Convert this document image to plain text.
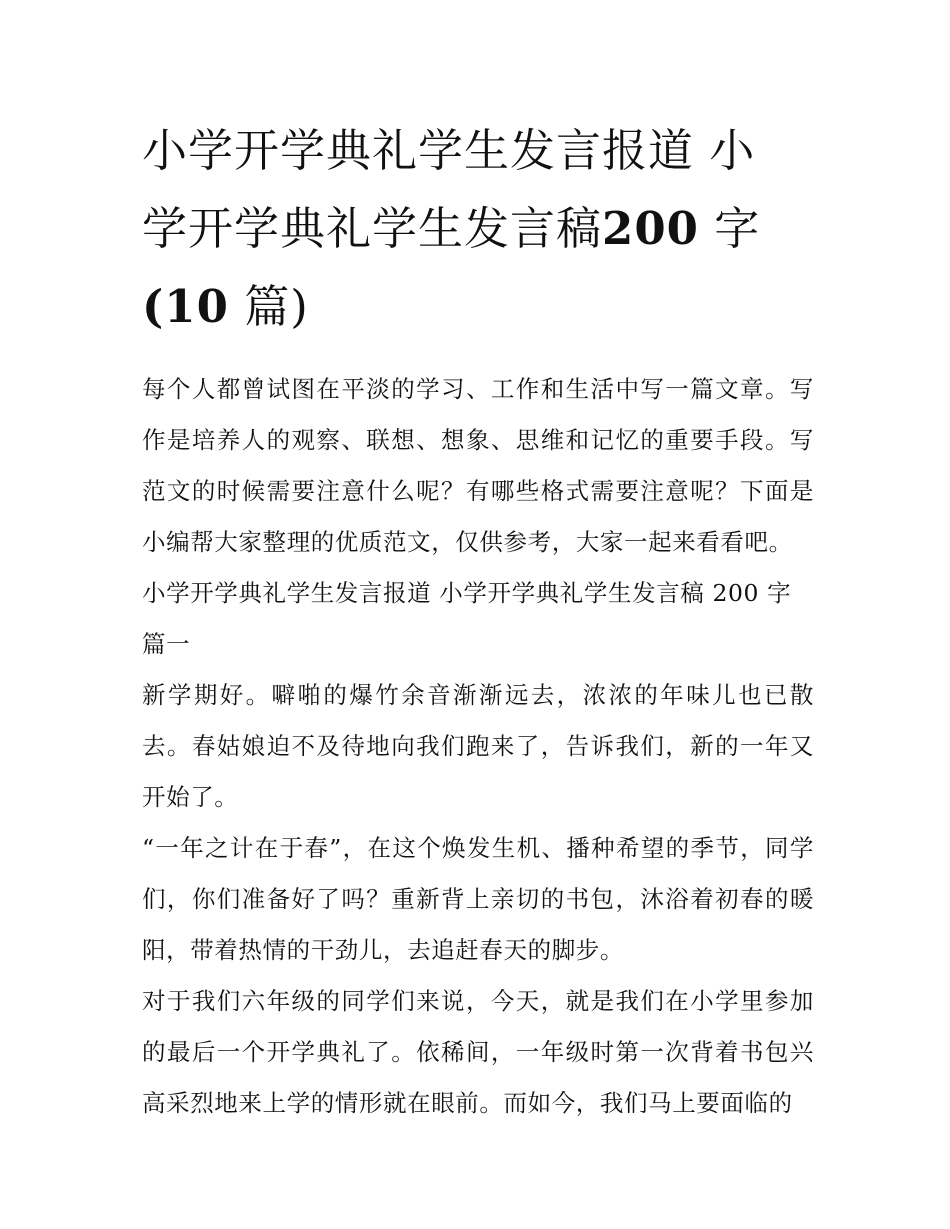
小学开学典礼学生发言报道 小
学开学典礼学生发言稿200 字
(10 篇)

每个人都曾试图在平淡的学习、工作和生活中写一篇文章。写作是培养人的观察、联想、想象、思维和记忆的重要手段。写范文的时候需要注意什么呢？有哪些格式需要注意呢？下面是小编帮大家整理的优质范文，仅供参考，大家一起来看看吧。

小学开学典礼学生发言报道 小学开学典礼学生发言稿 200 字

篇一

新学期好。噼啪的爆竹余音渐渐远去，浓浓的年味儿也已散去。春姑娘迫不及待地向我们跑来了，告诉我们，新的一年又开始了。

“一年之计在于春”，在这个焕发生机、播种希望的季节，同学们，你们准备好了吗？重新背上亲切的书包，沐浴着初春的暖阳，带着热情的干劲儿，去追赶春天的脚步。

对于我们六年级的同学们来说，今天，就是我们在小学里参加的最后一个开学典礼了。依稀间，一年级时第一次背着书包兴高采烈地来上学的情形就在眼前。而如今，我们马上要面临的
